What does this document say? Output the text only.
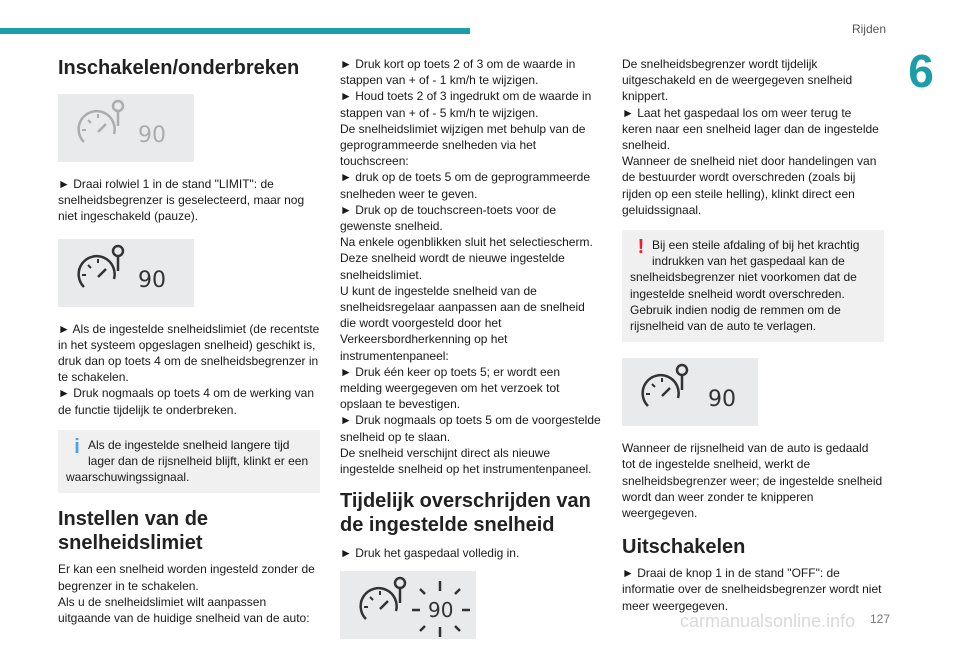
Rijden
6
Inschakelen/onderbreken
90

► Draai rolwiel 1 in de stand "LIMIT": de snelheidsbegrenzer is geselecteerd, maar nog niet ingeschakeld (pauze).

90

► Als de ingestelde snelheidslimiet (de recentste in het systeem opgeslagen snelheid) geschikt is, druk dan op toets 4 om de snelheidsbegrenzer in te schakelen.

► Druk nogmaals op toets 4 om de werking van de functie tijdelijk te onderbreken.

i Als de ingestelde snelheid langere tijd lager dan de rijsnelheid blijft, klinkt er een
waarschuwingssignaal.
Instellen van de snelheidslimiet

Er kan een snelheid worden ingesteld zonder de begrenzer in te schakelen.

Als u de snelheidslimiet wilt aanpassen uitgaande van de huidige snelheid van de auto:

► Druk kort op toets 2 of 3 om de waarde in stappen van + of - 1 km/h te wijzigen.

► Houd toets 2 of 3 ingedrukt om de waarde in stappen van + of - 5 km/h te wijzigen.

De snelheidslimiet wijzigen met behulp van de geprogrammeerde snelheden via het touchscreen:

► druk op de toets 5 om de geprogrammeerde snelheden weer te geven.

► Druk op de touchscreen-toets voor de gewenste snelheid.

Na enkele ogenblikken sluit het selectiescherm. Deze snelheid wordt de nieuwe ingestelde snelheidslimiet.

U kunt de ingestelde snelheid van de snelheidsregelaar aanpassen aan de snelheid die wordt voorgesteld door het Verkeersbordherkenning op het instrumentenpaneel:

► Druk één keer op toets 5; er wordt een melding weergegeven om het verzoek tot opslaan te bevestigen.

► Druk nogmaals op toets 5 om de voorgestelde snelheid op te slaan.

De snelheid verschijnt direct als nieuwe ingestelde snelheid op het instrumentenpaneel.

Tijdelijk overschrijden van de ingestelde snelheid

► Druk het gaspedaal volledig in.

90

De snelheidsbegrenzer wordt tijdelijk uitgeschakeld en de weergegeven snelheid knippert.

► Laat het gaspedaal los om weer terug te keren naar een snelheid lager dan de ingestelde snelheid.

Wanneer de snelheid niet door handelingen van de bestuurder wordt overschreden (zoals bij rijden op een steile helling), klinkt direct een geluidssignaal.

! Bij een steile afdaling of bij het krachtig indrukken van het gaspedaal kan de
snelheidsbegrenzer niet voorkomen dat de ingestelde snelheid wordt overschreden. Gebruik indien nodig de remmen om de rijsnelheid van de auto te verlagen.
90

Wanneer de rijsnelheid van de auto is gedaald tot de ingestelde snelheid, werkt de snelheidsbegrenzer weer; de ingestelde snelheid wordt dan weer zonder te knipperen weergegeven.

Uitschakelen

► Draai de knop 1 in de stand "OFF": de informatie over de snelheidsbegrenzer wordt niet meer weergegeven.

carmanualsonline.info 127
